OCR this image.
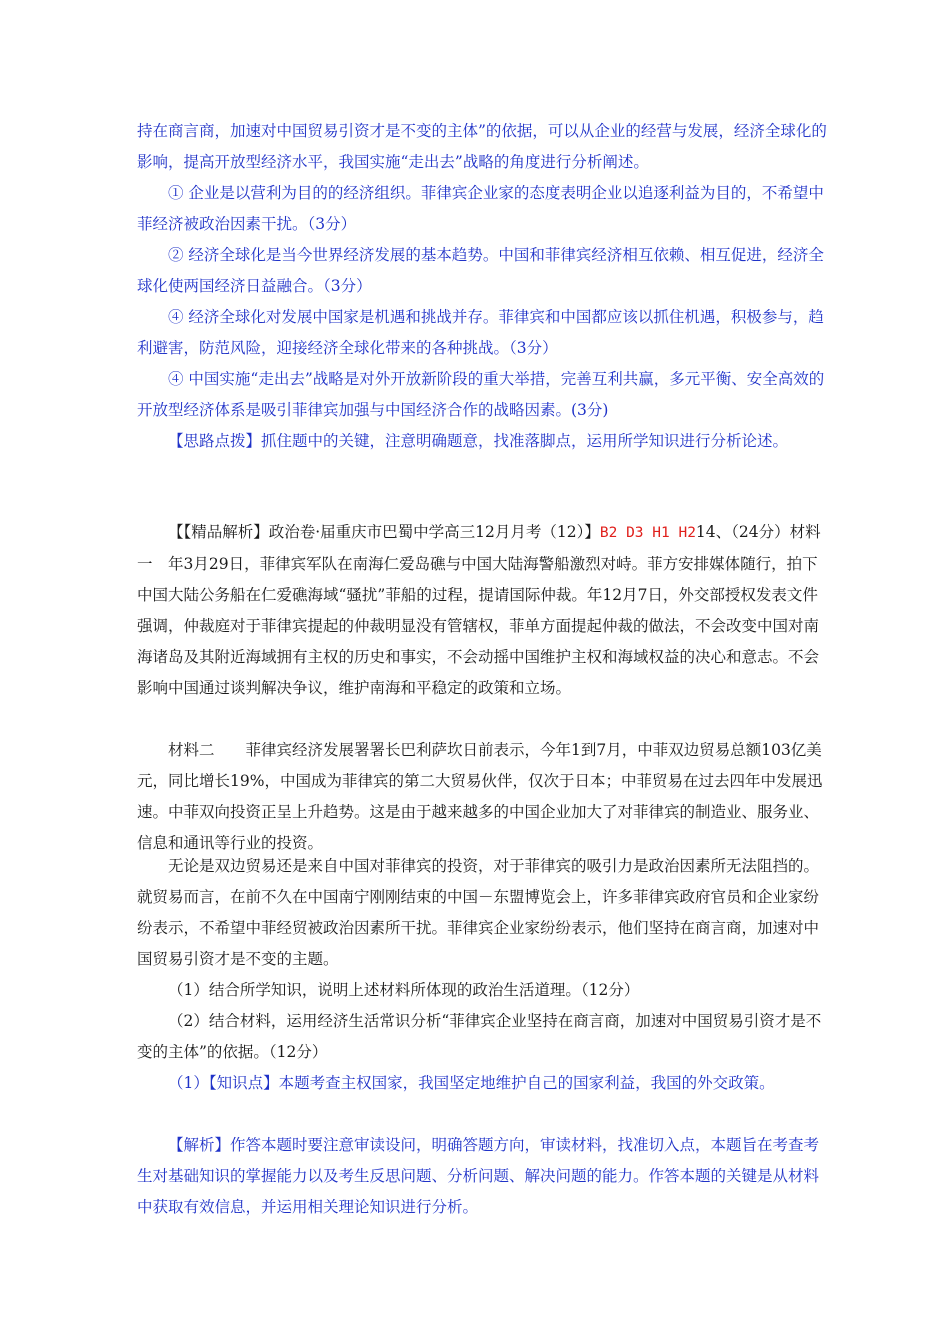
持在商言商，加速对中国贸易引资才是不变的主体”的依据，可以从企业的经营与发展，经济全球化的影响，提高开放型经济水平，我国实施“走出去”战略的角度进行分析阐述。

① 企业是以营利为目的的经济组织。菲律宾企业家的态度表明企业以追逐利益为目的，不希望中菲经济被政治因素干扰。（3分）

② 经济全球化是当今世界经济发展的基本趋势。中国和菲律宾经济相互依赖、相互促进，经济全球化使两国经济日益融合。（3分）

④ 经济全球化对发展中国家是机遇和挑战并存。菲律宾和中国都应该以抓住机遇，积极参与，趋利避害，防范风险，迎接经济全球化带来的各种挑战。（3分）

④ 中国实施“走出去”战略是对外开放新阶段的重大举措，完善互利共赢，多元平衡、安全高效的开放型经济体系是吸引菲律宾加强与中国经济合作的战略因素。(3分)

【思路点拨】抓住题中的关键，注意明确题意，找准落脚点，运用所学知识进行分析论述。

【【精品解析】政治卷·届重庆市巴蜀中学高三12月月考（12）】B2 D3 H1 H214、（24分）材料一　年3月29日，菲律宾军队在南海仁爱岛礁与中国大陆海警船激烈对峙。菲方安排媒体随行，拍下中国大陆公务船在仁爱礁海域“骚扰”菲船的过程，提请国际仲裁。年12月7日，外交部授权发表文件强调，仲裁庭对于菲律宾提起的仲裁明显没有管辖权，菲单方面提起仲裁的做法，不会改变中国对南海诸岛及其附近海域拥有主权的历史和事实，不会动摇中国维护主权和海域权益的决心和意志。不会影响中国通过谈判解决争议，维护南海和平稳定的政策和立场。

材料二　　菲律宾经济发展署署长巴利萨坎日前表示，今年1到7月，中菲双边贸易总额103亿美元，同比增长19%，中国成为菲律宾的第二大贸易伙伴，仅次于日本；中菲贸易在过去四年中发展迅速。中菲双向投资正呈上升趋势。这是由于越来越多的中国企业加大了对菲律宾的制造业、服务业、信息和通讯等行业的投资。

无论是双边贸易还是来自中国对菲律宾的投资，对于菲律宾的吸引力是政治因素所无法阻挡的。就贸易而言，在前不久在中国南宁刚刚结束的中国－东盟博览会上，许多菲律宾政府官员和企业家纷纷表示，不希望中菲经贸被政治因素所干扰。菲律宾企业家纷纷表示，他们坚持在商言商，加速对中国贸易引资才是不变的主题。

（1）结合所学知识，说明上述材料所体现的政治生活道理。（12分）

（2）结合材料，运用经济生活常识分析“菲律宾企业坚持在商言商，加速对中国贸易引资才是不变的主体”的依据。（12分）

（1）【知识点】本题考查主权国家，我国坚定地维护自己的国家利益，我国的外交政策。

【解析】作答本题时要注意审读设问，明确答题方向，审读材料，找准切入点，本题旨在考查考生对基础知识的掌握能力以及考生反思问题、分析问题、解决问题的能力。作答本题的关键是从材料中获取有效信息，并运用相关理论知识进行分析。
